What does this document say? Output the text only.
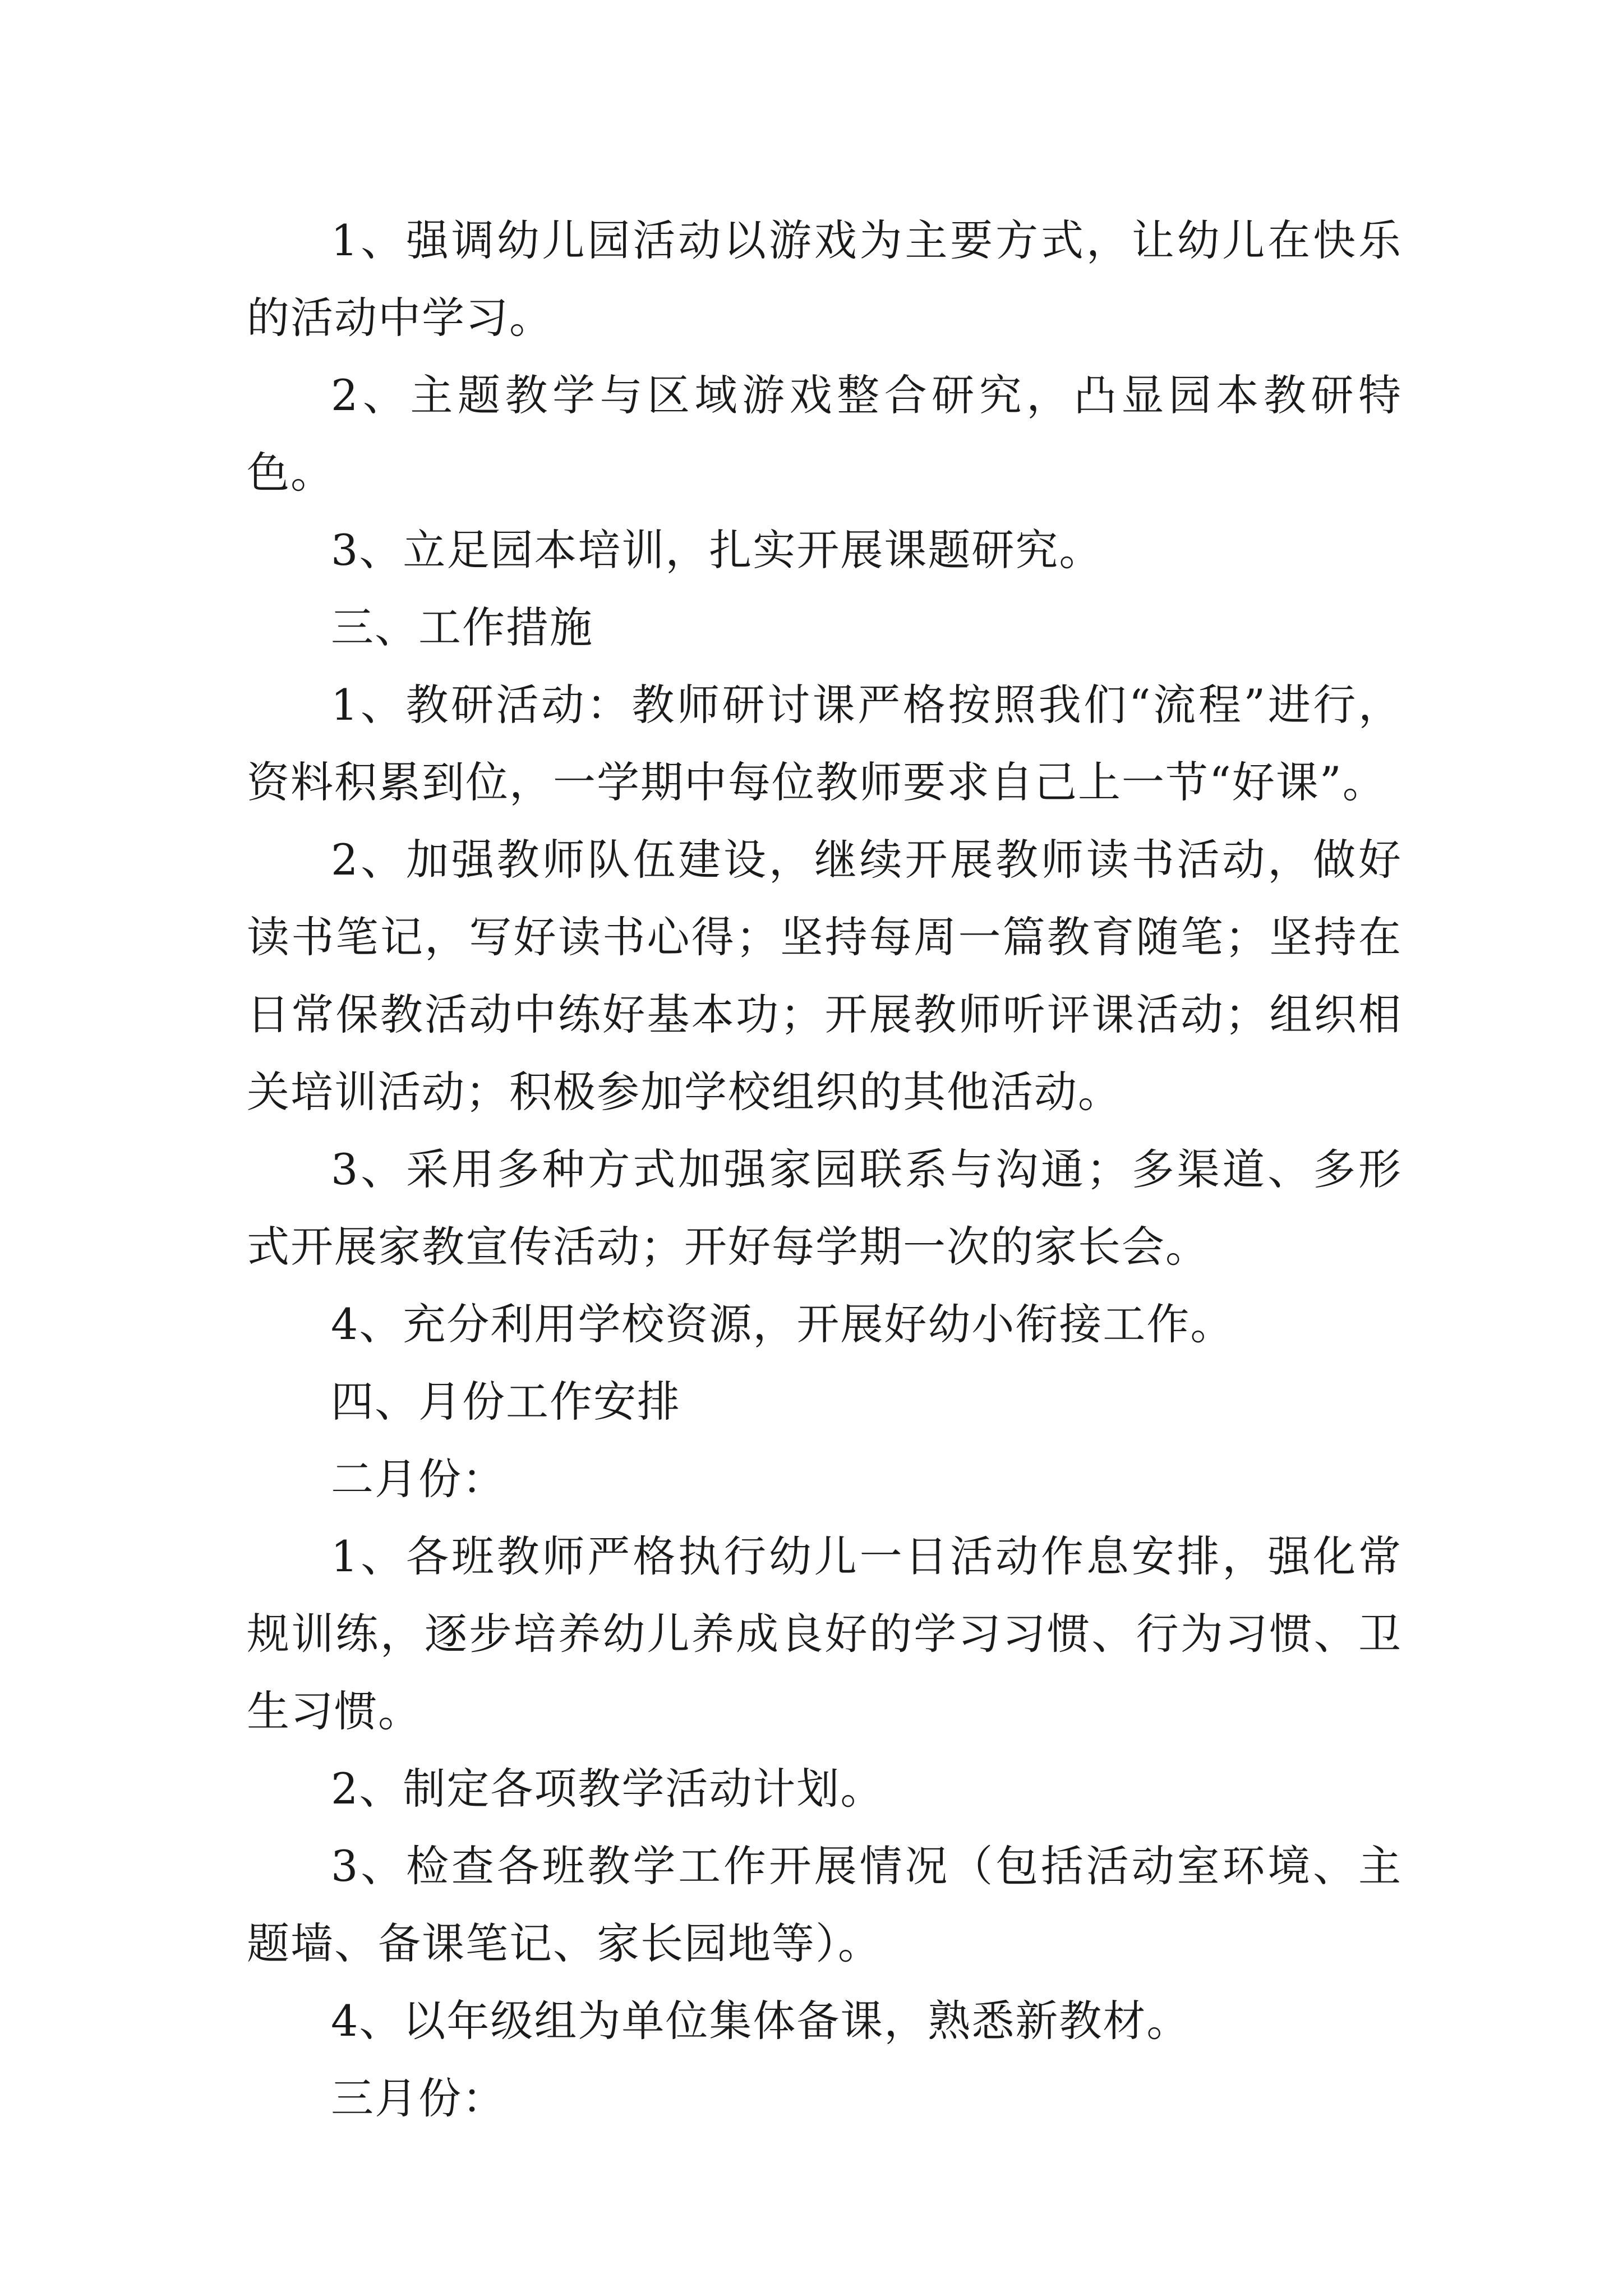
1、强调幼儿园活动以游戏为主要方式，让幼儿在快乐的活动中学习。

2、主题教学与区域游戏整合研究，凸显园本教研特色。

3、立足园本培训，扎实开展课题研究。

三、工作措施

1、教研活动：教师研讨课严格按照我们“流程”进行，资料积累到位，一学期中每位教师要求自己上一节“好课”。

2、加强教师队伍建设，继续开展教师读书活动，做好读书笔记，写好读书心得；坚持每周一篇教育随笔；坚持在日常保教活动中练好基本功；开展教师听评课活动；组织相关培训活动；积极参加学校组织的其他活动。

3、采用多种方式加强家园联系与沟通；多渠道、多形式开展家教宣传活动；开好每学期一次的家长会。

4、充分利用学校资源，开展好幼小衔接工作。

四、月份工作安排

二月份：

1、各班教师严格执行幼儿一日活动作息安排，强化常规训练，逐步培养幼儿养成良好的学习习惯、行为习惯、卫生习惯。

2、制定各项教学活动计划。

3、检查各班教学工作开展情况（包括活动室环境、主题墙、备课笔记、家长园地等）。

4、以年级组为单位集体备课，熟悉新教材。

三月份：
